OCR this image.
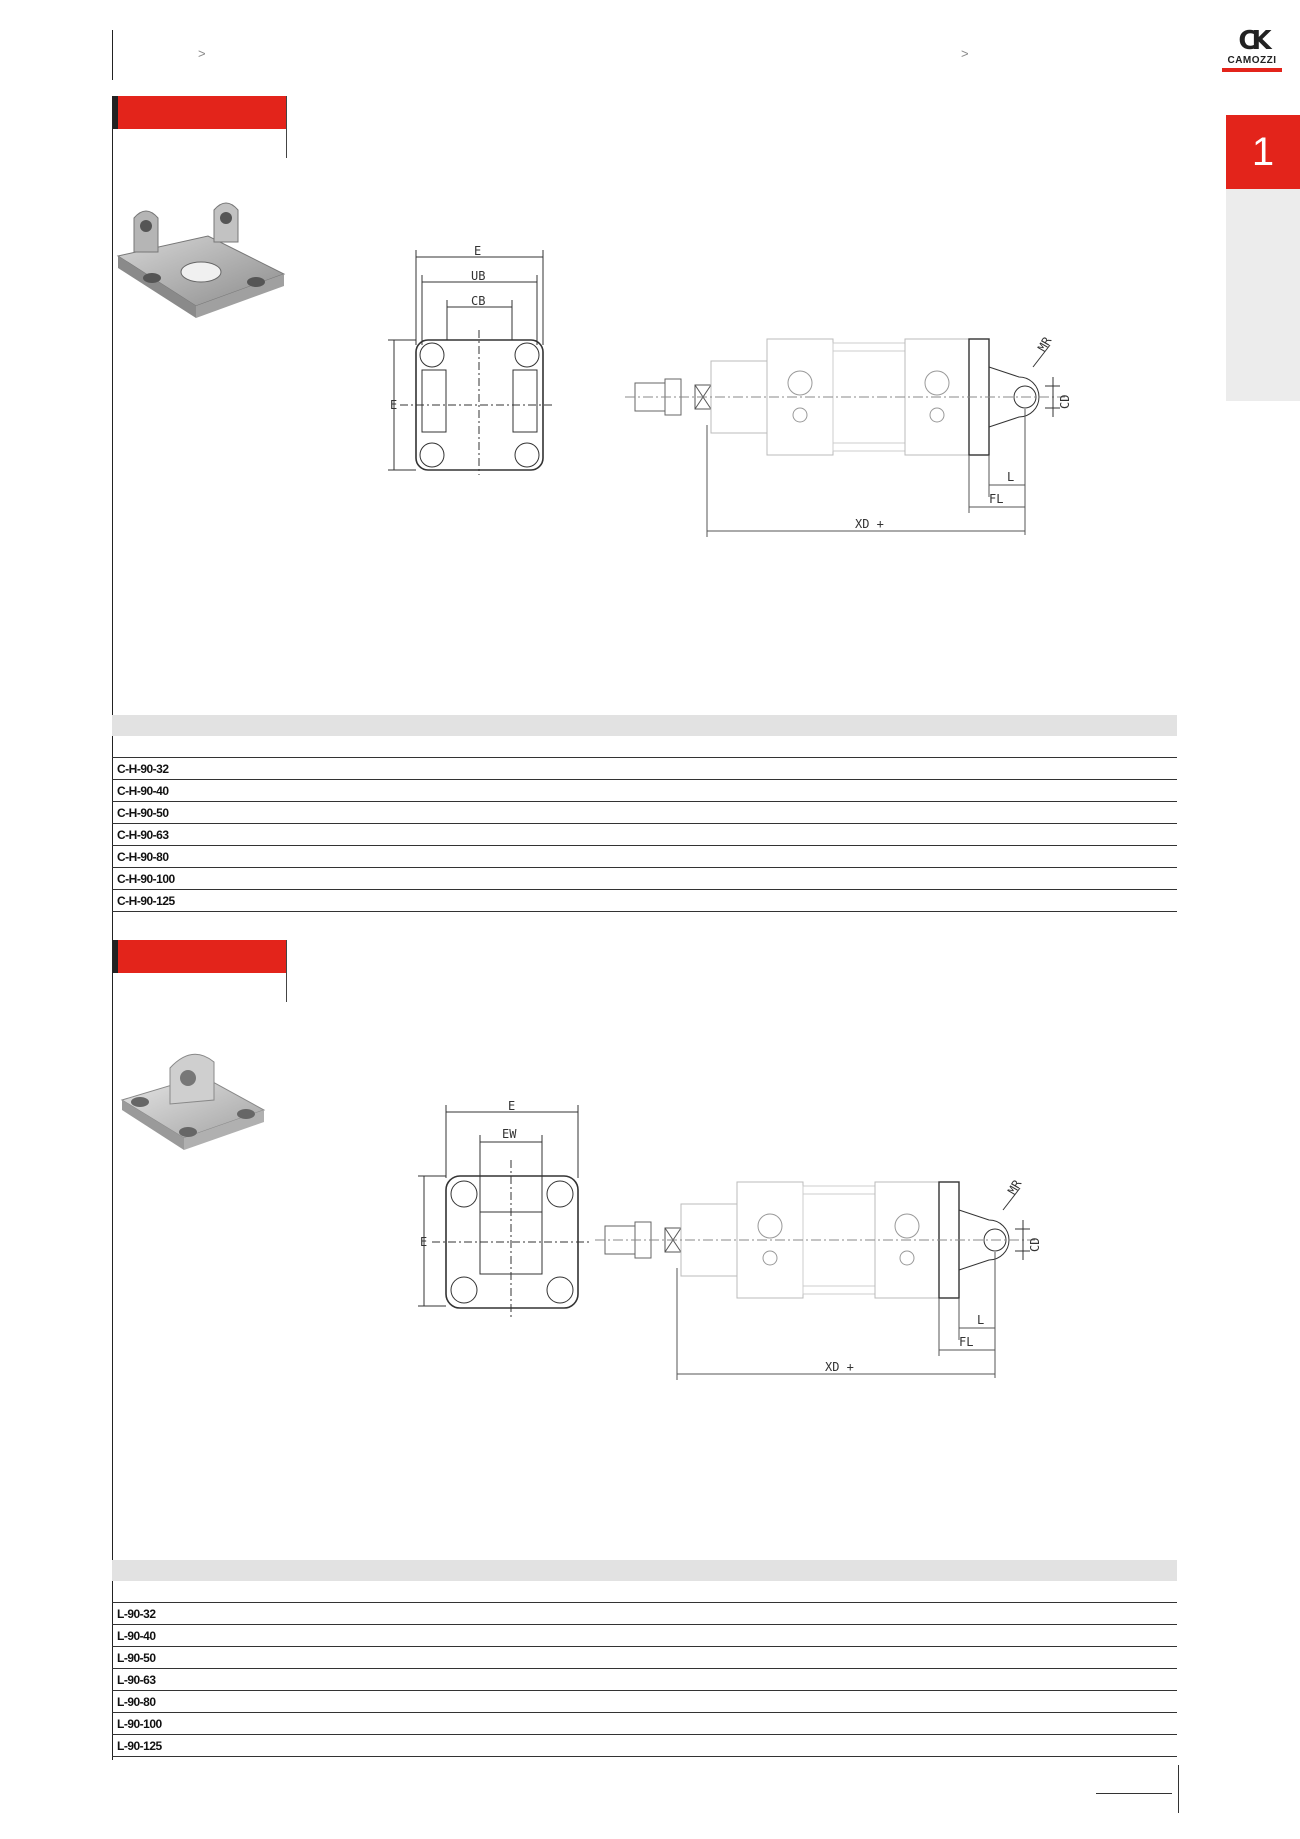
>	>	CK
CAMOZZI
1
E
UB
CB
E
MR
CD
L
FL
XD +

C-H-90-32	
C-H-90-40	
C-H-90-50	
C-H-90-63	
C-H-90-80	
C-H-90-100	
C-H-90-125	
E
EW
E
MR
CD
L
FL
XD +

L-90-32	
L-90-40	
L-90-50	
L-90-63	
L-90-80	
L-90-100	
L-90-125	
